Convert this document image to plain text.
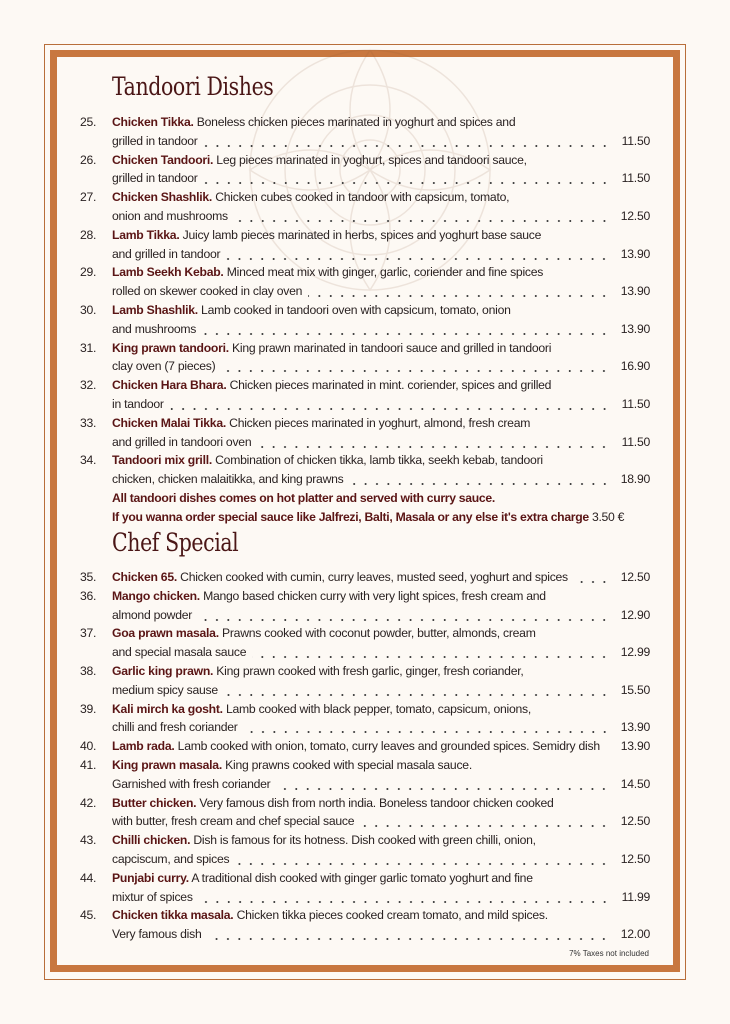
Tandoori Dishes
25.	Chicken Tikka. Boneless chicken pieces marinated in yoghurt and spices and
grilled in tandoor	11.50
26.	Chicken Tandoori. Leg pieces marinated in yoghurt, spices and tandoori sauce,
grilled in tandoor	11.50
27.	Chicken Shashlik. Chicken cubes cooked in tandoor with capsicum, tomato,
onion and mushrooms	12.50
28.	Lamb Tikka. Juicy lamb pieces marinated in herbs, spices and yoghurt base sauce
and grilled in tandoor	13.90
29.	Lamb Seekh Kebab. Minced meat mix with ginger, garlic, coriender and fine spices
rolled on skewer cooked in clay oven	13.90
30.	Lamb Shashlik. Lamb cooked in tandoori oven with capsicum, tomato, onion
and mushrooms	13.90
31.	King prawn tandoori. King prawn marinated in tandoori sauce and grilled in tandoori
clay oven (7 pieces)	16.90
32.	Chicken Hara Bhara. Chicken pieces marinated in mint. coriender, spices and grilled
in tandoor	11.50
33.	Chicken Malai Tikka. Chicken pieces marinated in yoghurt, almond, fresh cream
and grilled in tandoori oven	11.50
34.	Tandoori mix grill. Combination of chicken tikka, lamb tikka, seekh kebab, tandoori
chicken, chicken malaitikka, and king prawns	18.90
All tandoori dishes comes on hot platter and served with curry sauce.
If you wanna order special sauce like Jalfrezi, Balti, Masala or any else it's extra charge 3.50 €
Chef Special
35.	Chicken 65. Chicken cooked with cumin, curry leaves, musted seed, yoghurt and spices	12.50
36.	Mango chicken. Mango based chicken curry with very light spices, fresh cream and
almond powder	12.90
37.	Goa prawn masala. Prawns cooked with coconut powder, butter, almonds, cream
and special masala sauce	12.99
38.	Garlic king prawn. King prawn cooked with fresh garlic, ginger, fresh coriander,
medium spicy sause	15.50
39.	Kali mirch ka gosht. Lamb cooked with black pepper, tomato, capsicum, onions,
chilli and fresh coriander	13.90
40.	Lamb rada. Lamb cooked with onion, tomato, curry leaves and grounded spices. Semidry dish	13.90
41.	King prawn masala. King prawns cooked with special masala sauce.
Garnished with fresh coriander	14.50
42.	Butter chicken. Very famous dish from north india. Boneless tandoor chicken cooked
with butter, fresh cream and chef special sauce	12.50
43.	Chilli chicken. Dish is famous for its hotness. Dish cooked with green chilli, onion,
capciscum, and spices	12.50
44.	Punjabi curry. A traditional dish cooked with ginger garlic tomato yoghurt and fine
mixtur of spices	11.99
45.	Chicken tikka masala. Chicken tikka pieces cooked cream tomato, and mild spices.
Very famous dish	12.00
7% Taxes not included
